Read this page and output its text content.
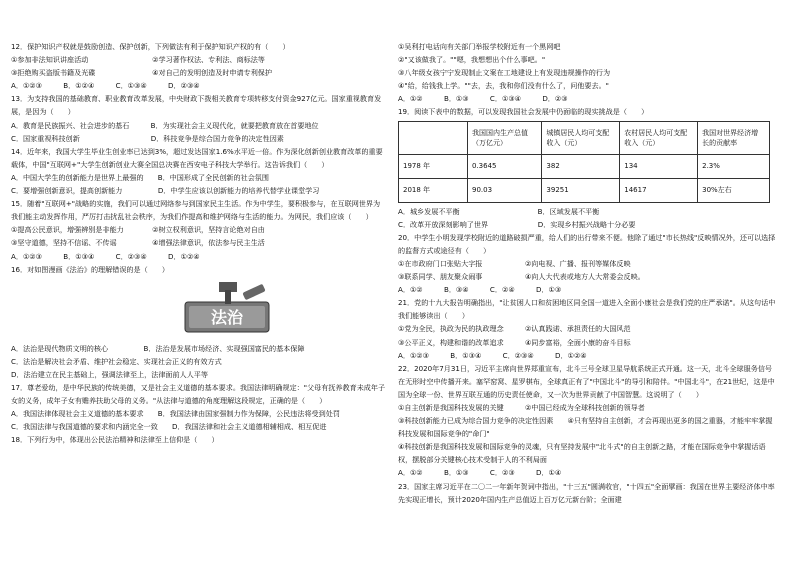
12．保护知识产权就是鼓励创造、保护创新，下列做法有利于保护知识产权的有（　　）
①参加非法知识讲座活动　　　　　　　　　②学习著作权法、专利法、商标法等
③拒绝购买盗版书籍及光碟　　　　　　　　④对自己的发明创造及时申请专利保护
A．①②③　　　B．①②④　　　C．①③④　　　D．②③④
13．为支持我国的基础教育、职业教育改革发展，中央财政下拨相关教育专项转移支付资金927亿元。国家重视教育发展，是因为（　　）
A．教育是民族振兴、社会进步的基石　　　B．为实现社会主义现代化，就要把教育放在首要地位
C．国家重视科技创新　　　　　　　　　　D．科技竞争是综合国力竞争的决定性因素
14．近年来，我国大学生毕业生创业率已达到3%，超过发达国家1.6%水平近一倍。作为深化创新创业教育改革的重要载体，中国"互联网+"大学生创新创业大赛全国总决赛在西安电子科技大学举行。这告诉我们（　　）
A．中国大学生的创新能力是世界上最强的　　B．中国形成了全民创新的社会氛围
C．要增强创新意识，提高创新能力　　　　　D．中学生应该以创新能力的培养代替学业课堂学习
15．随着"互联网+"战略的实施，我们可以通过网络参与到国家民主生活。作为中学生，要积极参与，在互联网世界为我们能主动发挥作用，严厉打击扰乱社会秩序，为我们作提高和维护网络与生活的能力。为网民，我们应该（　　）
①提高公民意识，增强辨别是非能力　　　　②树立权利意识，坚持言论绝对自由
③坚守道德，坚持不信谣、不传谣　　　　　④增强法律意识，依法参与民主生活
A．①②③　　　B．①③④　　　C．②③④　　　D．①②④
16．对如图漫画《法治》的理解错误的是（　　）
法治
A．法治是现代物质文明的核心　　　　　B．法治是发展市场经济、实现强国富民的基本保障
C．法治是解决社会矛盾、维护社会稳定、实现社会正义的有效方式
D．法治建立在民主基础上，强调法律至上，法律面前人人平等
17．尊老爱幼，是中华民族的传统美德，又是社会主义道德的基本要求。我国法律明确规定："父母有抚养教育未成年子女的义务，成年子女有赡养扶助父母的义务。"从法律与道德的角度理解这段规定，正确的是（　　）
A．我国法律体现社会主义道德的基本要求　　B．我国法律由国家强制力作为保障，公民违法将受到处罚
C．我国法律与我国道德的要求和内涵完全一致　　D．我国法律和社会主义道德相辅相成、相互促进
18．下列行为中，体现出公民法治精神和法律至上信仰是（　　）
①吴利打电话向有关部门举报学校附近有一个黑网吧
②"又该做我了。""嗯，我想想出个什么事吧。"
③八年级女孩宁宁发现制止文案在工地建设上有发现违规操作的行为
④"给，给钱我上学。""去，去，我和你们没有什么了，问他要去。"
A．①②　　　B．①③　　　C．①③④　　　D．②③
19．阅读下表中的数据，可以发现我国社会发展中仍面临的现实挑战是（　　）
	我国国内生产总值（万亿元）	城镇居民人均可支配收入（元）	农村居民人均可支配收入（元）	我国对世界经济增长的贡献率
1978 年	0.3645	382	134	2.3%
2018 年	90.03	39251	14617	30%左右
A．城乡发展不平衡　　　　　　　　　　　B．区域发展不平衡
C．改革开放深刻影响了世界　　　　　　　D．实现乡村振兴战略十分必要
20．中学生小明发现学校附近的道路破损严重，给人们的出行带来不便。他除了通过"市长热线"反映情况外，还可以选择的监督方式或途径有（　　）
①在市政府门口张贴大字报　　　　　　②向电视、广播、报刊等媒体反映
③联系同学、朋友聚众闹事　　　　　　④向人大代表或地方人大常委会反映。
A．①②　　　B．③④　　　C．②④　　　D．①③
21．党的十九大报告明确指出，"让贫困人口和贫困地区同全国一道进入全面小康社会是我们党的庄严承诺"。从这句话中我们能够读出（　　）
①党为全民，执政为民的执政理念　　　②认真践诺、承担责任的大国风范
③公平正义，构建和谐的改革追求　　　④同步富裕，全面小康的奋斗目标
A．①②③　　　B．①③④　　　C．②③④　　　D．①②④
22．2020年7月31日，习近平主席向世界郑重宣布，北斗三号全球卫星导航系统正式开通。这一天，北斗全球服务信号在无形时空中传播开来。塞罕窑窝、星罗棋布，全球真正有了"中国北斗"的导引和陪伴。"中国北斗"，在21世纪，这是中国为全球一份、世界互联互通的历史责任使命，又一次为世界贡献了中国智慧。这说明了（　　）
①自主创新是我国科技发展的关键　　　②中国已经成为全球科技创新的领导者
③科技创新能力已成为综合国力竞争的决定性因素　　④只有坚持自主创新，才会再现出更多的国之重器，才能牢牢掌握科技发展和国际竞争的"命门"
④科技创新是我国科技发展和国际竞争的灵魂，只有坚持发展中"北斗式"的自主创新之路，才能在国际竞争中掌握话语权，摆脱部分关键核心技术受制于人的不利局面
A．①②　　　B．①③　　　C．②③　　　D．①④
23．国家主席习近平在二〇二一年新年贺词中指出，"十三五"圆满收官，"十四五"全面擘画：我国在世界主要经济体中率先实现正增长，预计2020年国内生产总值迈上百万亿元新台阶；全面建
